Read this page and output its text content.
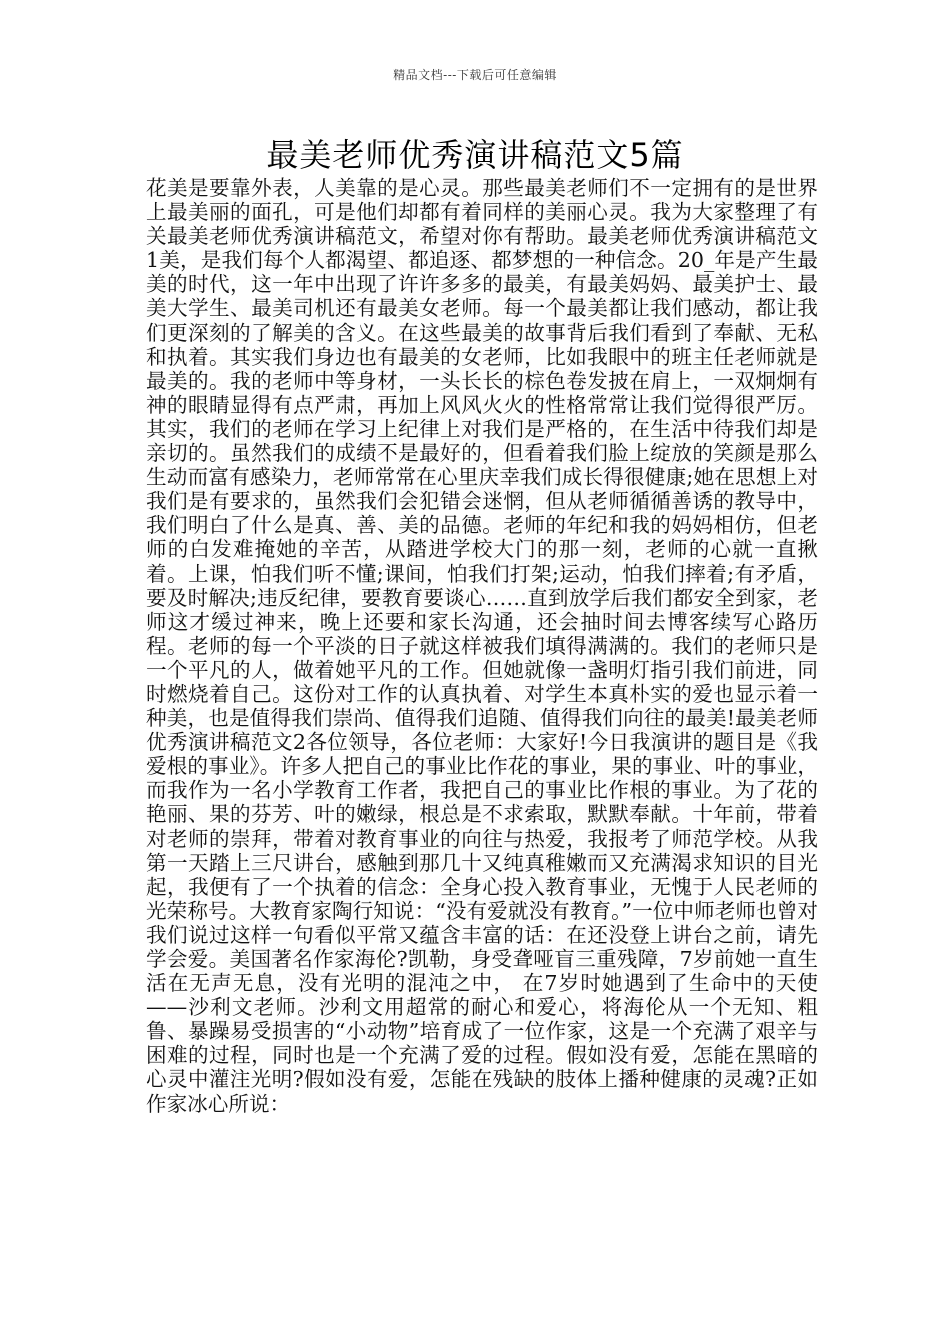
精品文档---下载后可任意编辑
最美老师优秀演讲稿范文5篇

花美是要靠外表，人美靠的是心灵。那些最美老师们不一定拥有的是世界上最美丽的面孔，可是他们却都有着同样的美丽心灵。我为大家整理了有关最美老师优秀演讲稿范文，希望对你有帮助。最美老师优秀演讲稿范文1美，是我们每个人都渴望、都追逐、都梦想的一种信念。20_年是产生最美的时代，这一年中出现了许许多多的最美，有最美妈妈、最美护士、最美大学生、最美司机还有最美女老师。每一个最美都让我们感动，都让我们更深刻的了解美的含义。在这些最美的故事背后我们看到了奉献、无私和执着。其实我们身边也有最美的女老师，比如我眼中的班主任老师就是最美的。我的老师中等身材，一头长长的棕色卷发披在肩上，一双炯炯有神的眼睛显得有点严肃，再加上风风火火的性格常常让我们觉得很严厉。其实，我们的老师在学习上纪律上对我们是严格的，在生活中待我们却是亲切的。虽然我们的成绩不是最好的，但看着我们脸上绽放的笑颜是那么生动而富有感染力，老师常常在心里庆幸我们成长得很健康;她在思想上对我们是有要求的，虽然我们会犯错会迷惘，但从老师循循善诱的教导中，我们明白了什么是真、善、美的品德。老师的年纪和我的妈妈相仿，但老师的白发难掩她的辛苦，从踏进学校大门的那一刻，老师的心就一直揪着。上课，怕我们听不懂;课间，怕我们打架;运动，怕我们摔着;有矛盾，要及时解决;违反纪律，要教育要谈心……直到放学后我们都安全到家，老师这才缓过神来，晚上还要和家长沟通，还会抽时间去博客续写心路历程。老师的每一个平淡的日子就这样被我们填得满满的。我们的老师只是一个平凡的人，做着她平凡的工作。但她就像一盏明灯指引我们前进，同时燃烧着自己。这份对工作的认真执着、对学生本真朴实的爱也显示着一种美，也是值得我们崇尚、值得我们追随、值得我们向往的最美!最美老师优秀演讲稿范文2各位领导，各位老师：大家好!今日我演讲的题目是《我爱根的事业》。许多人把自己的事业比作花的事业，果的事业、叶的事业，而我作为一名小学教育工作者，我把自己的事业比作根的事业。为了花的艳丽、果的芬芳、叶的嫩绿，根总是不求索取，默默奉献。十年前，带着对老师的崇拜，带着对教育事业的向往与热爱，我报考了师范学校。从我第一天踏上三尺讲台，感触到那几十又纯真稚嫩而又充满渴求知识的目光起，我便有了一个执着的信念：全身心投入教育事业，无愧于人民老师的光荣称号。大教育家陶行知说：“没有爱就没有教育。”一位中师老师也曾对我们说过这样一句看似平常又蕴含丰富的话：在还没登上讲台之前，请先学会爱。美国著名作家海伦?凯勒，身受聋哑盲三重残障，7岁前她一直生活在无声无息，没有光明的混沌之中， 在7岁时她遇到了生命中的天使——沙利文老师。沙利文用超常的耐心和爱心，将海伦从一个无知、粗鲁、暴躁易受损害的“小动物”培育成了一位作家，这是一个充满了艰辛与困难的过程，同时也是一个充满了爱的过程。假如没有爱，怎能在黑暗的心灵中灌注光明?假如没有爱，怎能在残缺的肢体上播种健康的灵魂?正如作家冰心所说：
